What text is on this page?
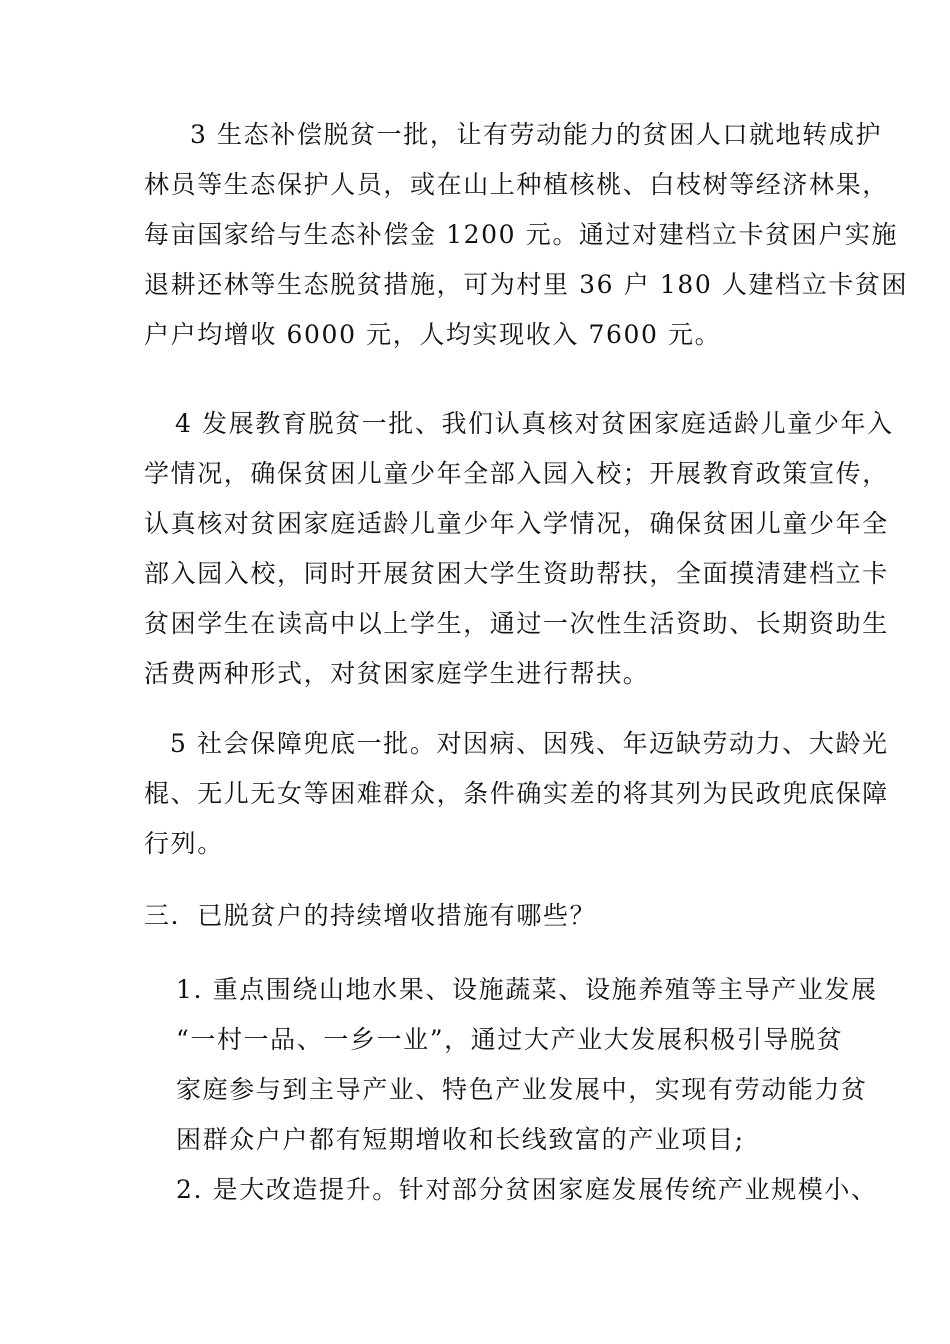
3 生态补偿脱贫一批，让有劳动能力的贫困人口就地转成护
林员等生态保护人员，或在山上种植核桃、白枝树等经济林果，
每亩国家给与生态补偿金 1200 元。通过对建档立卡贫困户实施
退耕还林等生态脱贫措施，可为村里 36 户 180 人建档立卡贫困
户户均增收 6000 元，人均实现收入 7600 元。
4 发展教育脱贫一批、我们认真核对贫困家庭适龄儿童少年入
学情况，确保贫困儿童少年全部入园入校；开展教育政策宣传，
认真核对贫困家庭适龄儿童少年入学情况，确保贫困儿童少年全
部入园入校，同时开展贫困大学生资助帮扶，全面摸清建档立卡
贫困学生在读高中以上学生，通过一次性生活资助、长期资助生
活费两种形式，对贫困家庭学生进行帮扶。
5 社会保障兜底一批。对因病、因残、年迈缺劳动力、大龄光
棍、无儿无女等困难群众，条件确实差的将其列为民政兜底保障
行列。
三．已脱贫户的持续增收措施有哪些？
1. 重点围绕山地水果、设施蔬菜、设施养殖等主导产业发展
“一村一品、一乡一业”，通过大产业大发展积极引导脱贫
家庭参与到主导产业、特色产业发展中，实现有劳动能力贫
困群众户户都有短期增收和长线致富的产业项目;
2. 是大改造提升。针对部分贫困家庭发展传统产业规模小、
